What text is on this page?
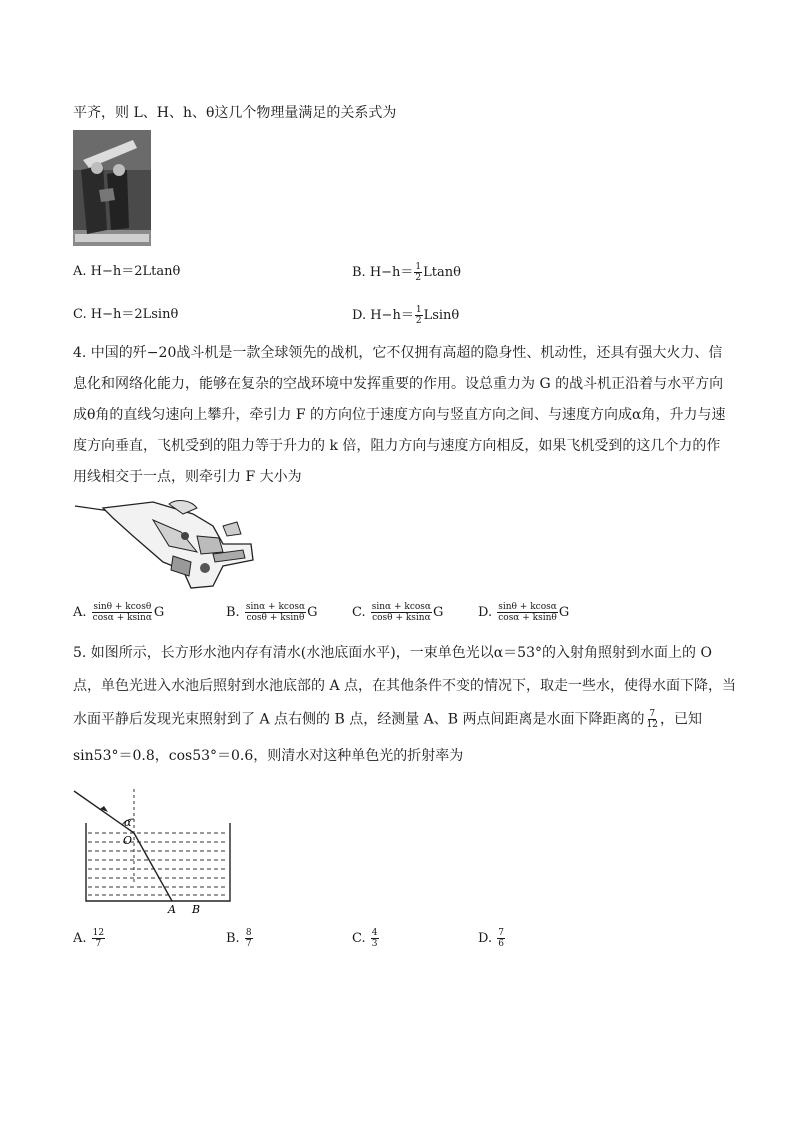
平齐，则 L、H、h、θ这几个物理量满足的关系式为
A. H−h＝2Ltanθ	B. $H-h= \frac{1}{2}$ Ltanθ
C. H−h＝2Lsinθ	D. $H-h= \frac{1}{2}$ Lsinθ
4. 中国的歼−20战斗机是一款全球领先的战机，它不仅拥有高超的隐身性、机动性，还具有强大火力、信
息化和网络化能力，能够在复杂的空战环境中发挥重要的作用。设总重力为 G 的战斗机正沿着与水平方向
成θ角的直线匀速向上攀升，牵引力 F 的方向位于速度方向与竖直方向之间、与速度方向成α角，升力与速
度方向垂直，飞机受到的阻力等于升力的 k 倍，阻力方向与速度方向相反，如果飞机受到的这几个力的作
用线相交于一点，则牵引力 F 大小为
A. $\frac{\sin\theta + kcos\theta}{\cos\alpha + ksin\alpha}$ G	B. $\frac{\sin\alpha + kcos\alpha}{\cos\theta + ksin\theta}$ G	C. $\frac{\sin\alpha + kcos\alpha}{\cos\theta + ksin\alpha}$ G	D. $\frac{\sin\theta + kcos\alpha}{\cos\alpha + ksin\theta}$ G
5. 如图所示，长方形水池内存有清水(水池底面水平)，一束单色光以α＝53°的入射角照射到水面上的 O
点，单色光进入水池后照射到水池底部的 A 点，在其他条件不变的情况下，取走一些水，使得水面下降，当
水面平静后发现光束照射到了 A 点右侧的 B 点，经测量 A、B 两点间距离是水面下降距离的 $\frac{7}{12}$ ，已知
sin53°＝0.8，cos53°＝0.6，则清水对这种单色光的折射率为
α
O
A B
A. $\frac{12}{7}$	B. $\frac{8}{7}$	C. $\frac{4}{3}$	D. $\frac{7}{6}$
